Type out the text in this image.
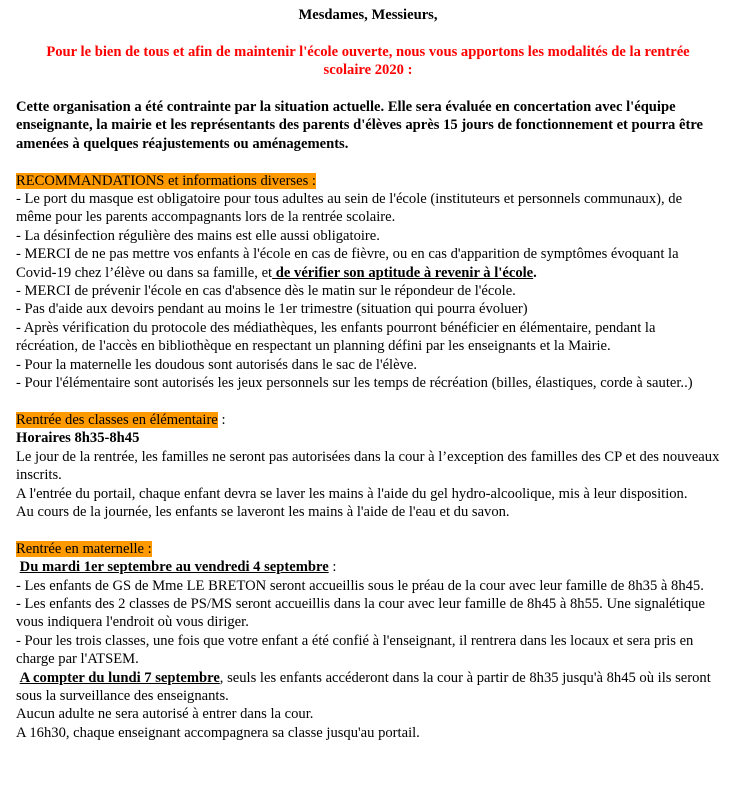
Mesdames, Messieurs,

Pour le bien de tous et afin de maintenir l'école ouverte, nous vous apportons les modalités de la rentrée scolaire 2020 :

Cette organisation a été contrainte par la situation actuelle. Elle sera évaluée en concertation avec l'équipe enseignante, la mairie et les représentants des parents d'élèves après 15 jours de fonctionnement et pourra être amenées à quelques réajustements ou aménagements.

RECOMMANDATIONS et informations diverses :

- Le port du masque est obligatoire pour tous adultes au sein de l'école (instituteurs et personnels communaux), de même pour les parents accompagnants lors de la rentrée scolaire.

- La désinfection régulière des mains est elle aussi obligatoire.

- MERCI de ne pas mettre vos enfants à l'école en cas de fièvre, ou en cas d'apparition de symptômes évoquant la Covid-19 chez l’élève ou dans sa famille, et de vérifier son aptitude à revenir à l'école.

- MERCI de prévenir l'école en cas d'absence dès le matin sur le répondeur de l'école.

- Pas d'aide aux devoirs pendant au moins le 1er trimestre (situation qui pourra évoluer)

- Après vérification du protocole des médiathèques, les enfants pourront bénéficier en élémentaire, pendant la récréation, de l'accès en bibliothèque en respectant un planning défini par les enseignants et la Mairie.

- Pour la maternelle les doudous sont autorisés dans le sac de l'élève.

- Pour l'élémentaire sont autorisés les jeux personnels sur les temps de récréation (billes, élastiques, corde à sauter..)

Rentrée des classes en élémentaire :

Horaires 8h35-8h45

Le jour de la rentrée, les familles ne seront pas autorisées dans la cour à l’exception des familles des CP et des nouveaux inscrits.

A l'entrée du portail, chaque enfant devra se laver les mains à l'aide du gel hydro-alcoolique, mis à leur disposition.

Au cours de la journée, les enfants se laveront les mains à l'aide de l'eau et du savon.

Rentrée en maternelle :

Du mardi 1er septembre au vendredi 4 septembre :

- Les enfants de GS de Mme LE BRETON seront accueillis sous le préau de la cour avec leur famille de 8h35 à 8h45.

- Les enfants des 2 classes de PS/MS seront accueillis dans la cour avec leur famille de 8h45 à 8h55. Une signalétique vous indiquera l'endroit où vous diriger.

- Pour les trois classes, une fois que votre enfant a été confié à l'enseignant, il rentrera dans les locaux et sera pris en charge par l'ATSEM.

A compter du lundi 7 septembre, seuls les enfants accéderont dans la cour à partir de 8h35 jusqu'à 8h45 où ils seront sous la surveillance des enseignants.

Aucun adulte ne sera autorisé à entrer dans la cour.

A 16h30, chaque enseignant accompagnera sa classe jusqu'au portail.
